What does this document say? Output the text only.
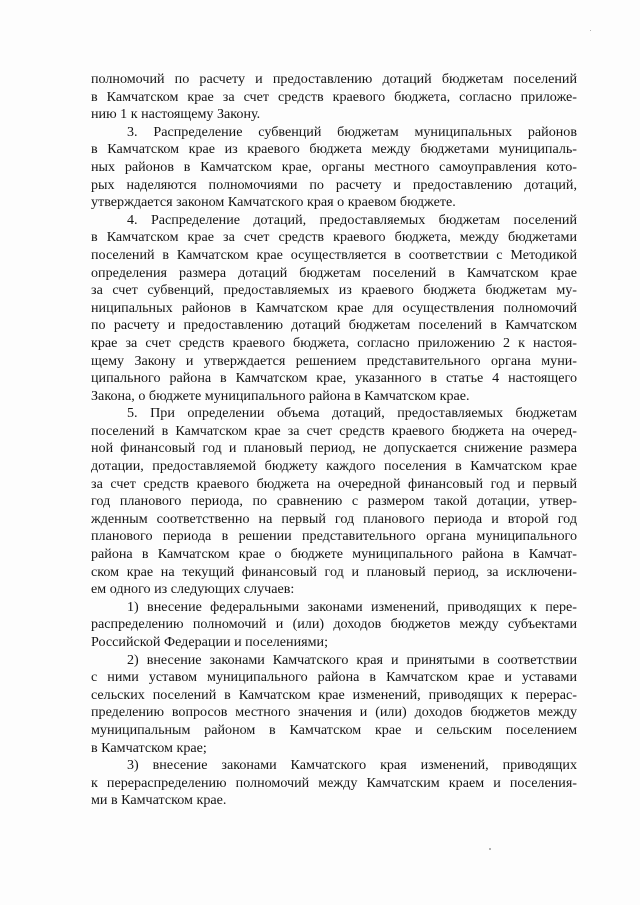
полномочий по расчету и предоставлению дотаций бюджетам поселений
в Камчатском крае за счет средств краевого бюджета, согласно приложе-
нию 1 к настоящему Закону.
3. Распределение субвенций бюджетам муниципальных районов
в Камчатском крае из краевого бюджета между бюджетами муниципаль-
ных районов в Камчатском крае, органы местного самоуправления кото-
рых наделяются полномочиями по расчету и предоставлению дотаций,
утверждается законом Камчатского края о краевом бюджете.
4. Распределение дотаций, предоставляемых бюджетам поселений
в Камчатском крае за счет средств краевого бюджета, между бюджетами
поселений в Камчатском крае осуществляется в соответствии с Методикой
определения размера дотаций бюджетам поселений в Камчатском крае
за счет субвенций, предоставляемых из краевого бюджета бюджетам му-
ниципальных районов в Камчатском крае для осуществления полномочий
по расчету и предоставлению дотаций бюджетам поселений в Камчатском
крае за счет средств краевого бюджета, согласно приложению 2 к настоя-
щему Закону и утверждается решением представительного органа муни-
ципального района в Камчатском крае, указанного в статье 4 настоящего
Закона, о бюджете муниципального района в Камчатском крае.
5. При определении объема дотаций, предоставляемых бюджетам
поселений в Камчатском крае за счет средств краевого бюджета на очеред-
ной финансовый год и плановый период, не допускается снижение размера
дотации, предоставляемой бюджету каждого поселения в Камчатском крае
за счет средств краевого бюджета на очередной финансовый год и первый
год планового периода, по сравнению с размером такой дотации, утвер-
жденным соответственно на первый год планового периода и второй год
планового периода в решении представительного органа муниципального
района в Камчатском крае о бюджете муниципального района в Камчат-
ском крае на текущий финансовый год и плановый период, за исключени-
ем одного из следующих случаев:
1) внесение федеральными законами изменений, приводящих к пере-
распределению полномочий и (или) доходов бюджетов между субъектами
Российской Федерации и поселениями;
2) внесение законами Камчатского края и принятыми в соответствии
с ними уставом муниципального района в Камчатском крае и уставами
сельских поселений в Камчатском крае изменений, приводящих к перерас-
пределению вопросов местного значения и (или) доходов бюджетов между
муниципальным районом в Камчатском крае и сельским поселением
в Камчатском крае;
3) внесение законами Камчатского края изменений, приводящих
к перераспределению полномочий между Камчатским краем и поселения-
ми в Камчатском крае.
